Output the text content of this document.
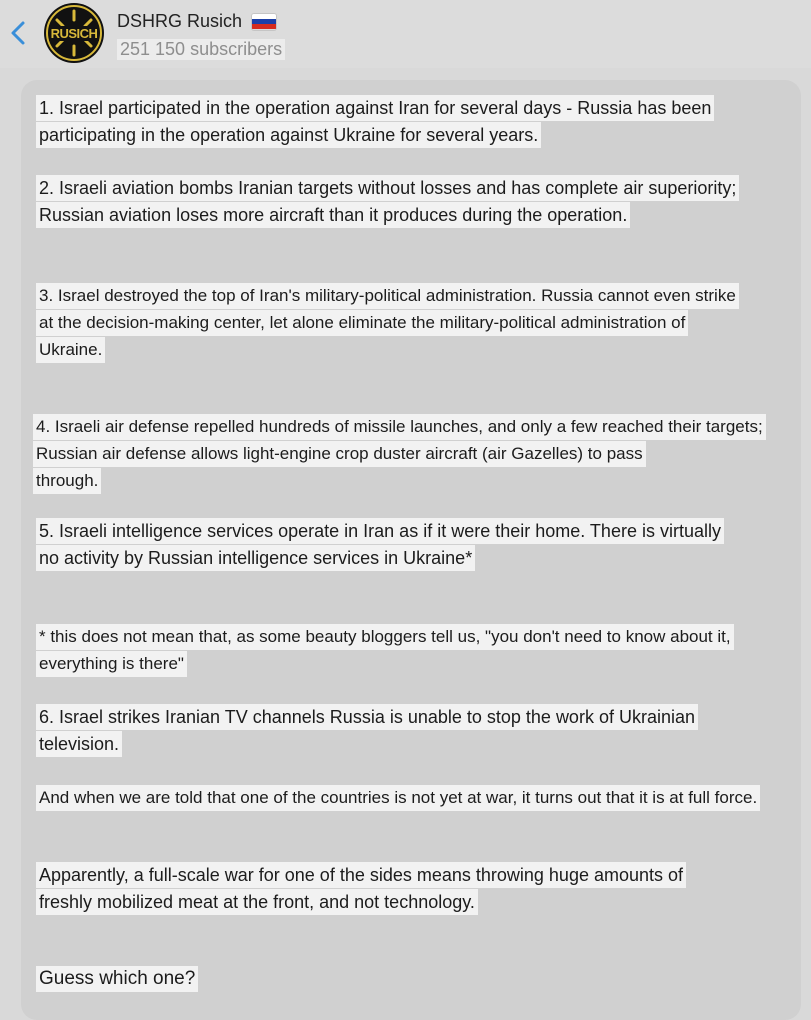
RUSICH
DSHRG Rusich
251 150 subscribers
1. Israel participated in the operation against Iran for several days - Russia has been
participating in the operation against Ukraine for several years.
2. Israeli aviation bombs Iranian targets without losses and has complete air superiority;
Russian aviation loses more aircraft than it produces during the operation.
3. Israel destroyed the top of Iran's military-political administration. Russia cannot even strike
at the decision-making center, let alone eliminate the military-political administration of
Ukraine.
4. Israeli air defense repelled hundreds of missile launches, and only a few reached their targets;
Russian air defense allows light-engine crop duster aircraft (air Gazelles) to pass
through.
5. Israeli intelligence services operate in Iran as if it were their home. There is virtually
no activity by Russian intelligence services in Ukraine*
* this does not mean that, as some beauty bloggers tell us, "you don't need to know about it,
everything is there"
6. Israel strikes Iranian TV channels Russia is unable to stop the work of Ukrainian
television.
And when we are told that one of the countries is not yet at war, it turns out that it is at full force.
Apparently, a full-scale war for one of the sides means throwing huge amounts of
freshly mobilized meat at the front, and not technology.
Guess which one?
